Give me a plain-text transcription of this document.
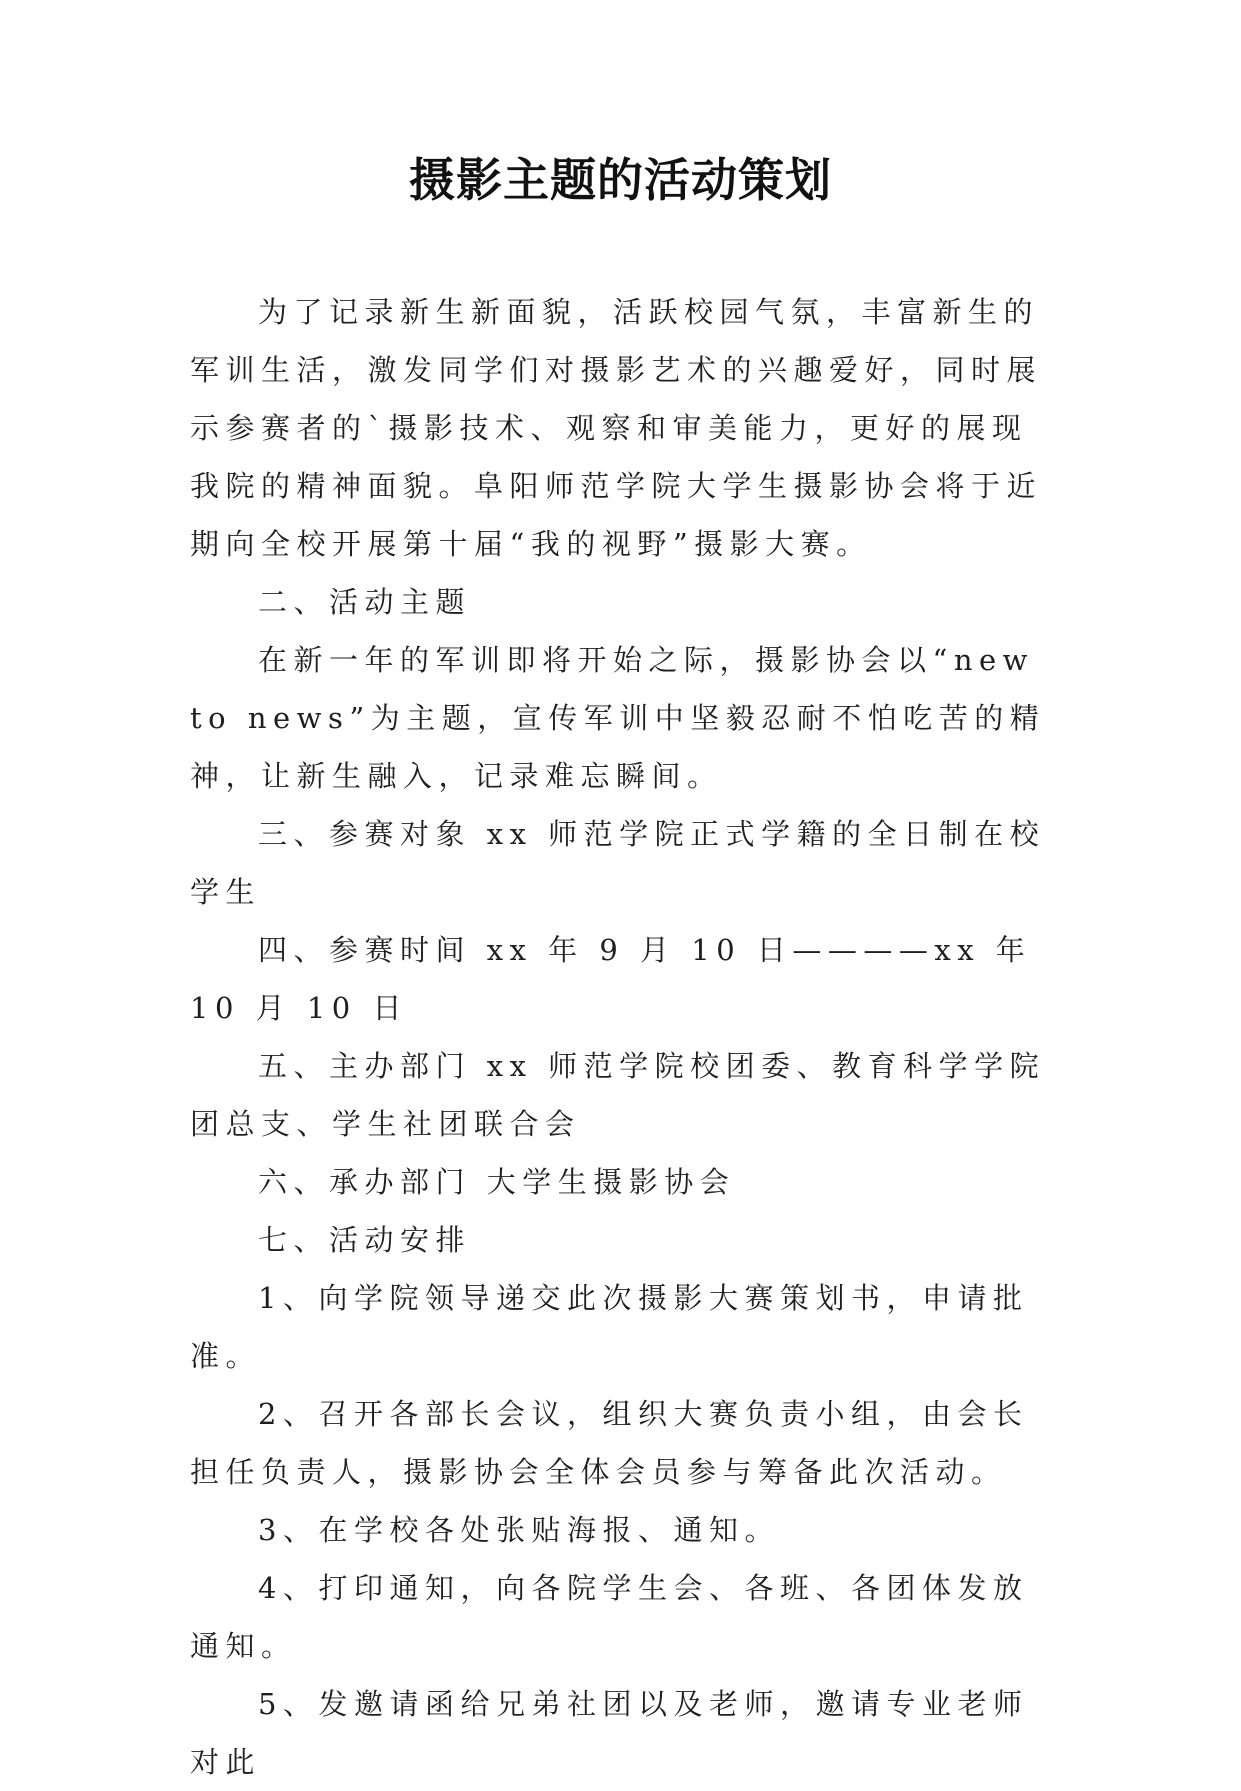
摄影主题的活动策划

为了记录新生新面貌，活跃校园气氛，丰富新生的军训生活，激发同学们对摄影艺术的兴趣爱好，同时展示参赛者的`摄影技术、观察和审美能力，更好的展现我院的精神面貌。阜阳师范学院大学生摄影协会将于近期向全校开展第十届“我的视野”摄影大赛。

二、活动主题

在新一年的军训即将开始之际，摄影协会以“new to news”为主题，宣传军训中坚毅忍耐不怕吃苦的精神，让新生融入，记录难忘瞬间。

三、参赛对象 xx 师范学院正式学籍的全日制在校学生

四、参赛时间 xx 年 9 月 10 日————xx 年 10 月 10 日

五、主办部门 xx 师范学院校团委、教育科学学院团总支、学生社团联合会

六、承办部门 大学生摄影协会

七、活动安排

1、向学院领导递交此次摄影大赛策划书，申请批准。

2、召开各部长会议，组织大赛负责小组，由会长担任负责人，摄影协会全体会员参与筹备此次活动。

3、在学校各处张贴海报、通知。

4、打印通知，向各院学生会、各班、各团体发放通知。

5、发邀请函给兄弟社团以及老师，邀请专业老师对此
